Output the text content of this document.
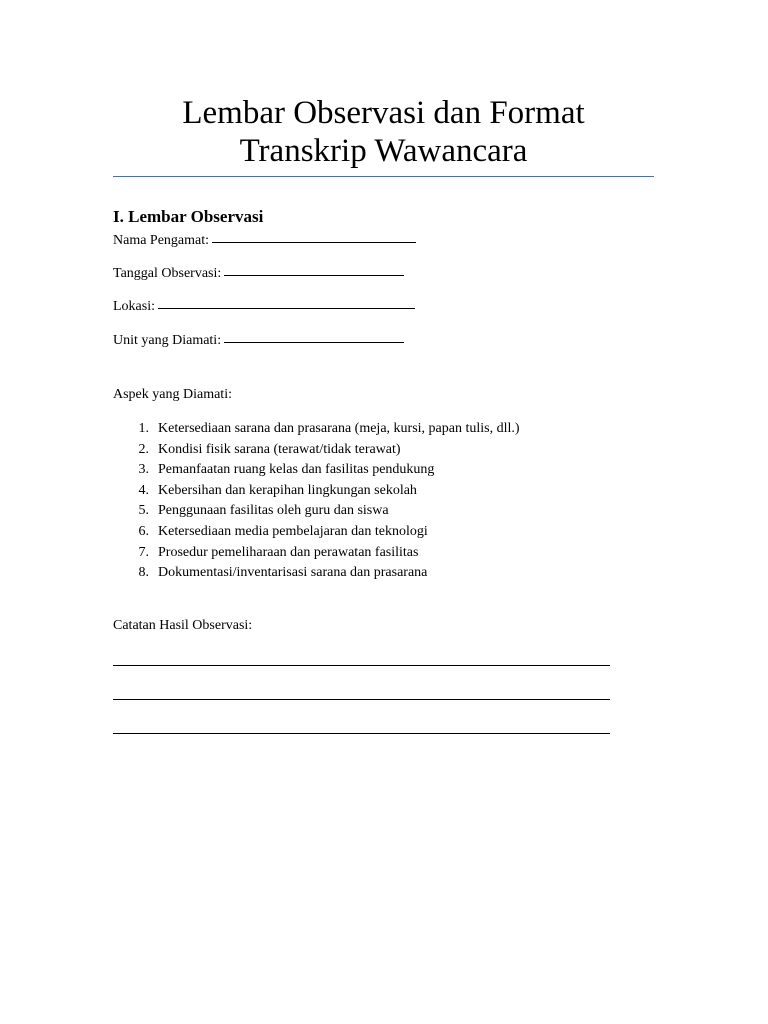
Lembar Observasi dan Format
Transkrip Wawancara
I. Lembar Observasi
Nama Pengamat:
Tanggal Observasi:
Lokasi:
Unit yang Diamati:
Aspek yang Diamati:
1. Ketersediaan sarana dan prasarana (meja, kursi, papan tulis, dll.)
2. Kondisi fisik sarana (terawat/tidak terawat)
3. Pemanfaatan ruang kelas dan fasilitas pendukung
4. Kebersihan dan kerapihan lingkungan sekolah
5. Penggunaan fasilitas oleh guru dan siswa
6. Ketersediaan media pembelajaran dan teknologi
7. Prosedur pemeliharaan dan perawatan fasilitas
8. Dokumentasi/inventarisasi sarana dan prasarana
Catatan Hasil Observasi:
